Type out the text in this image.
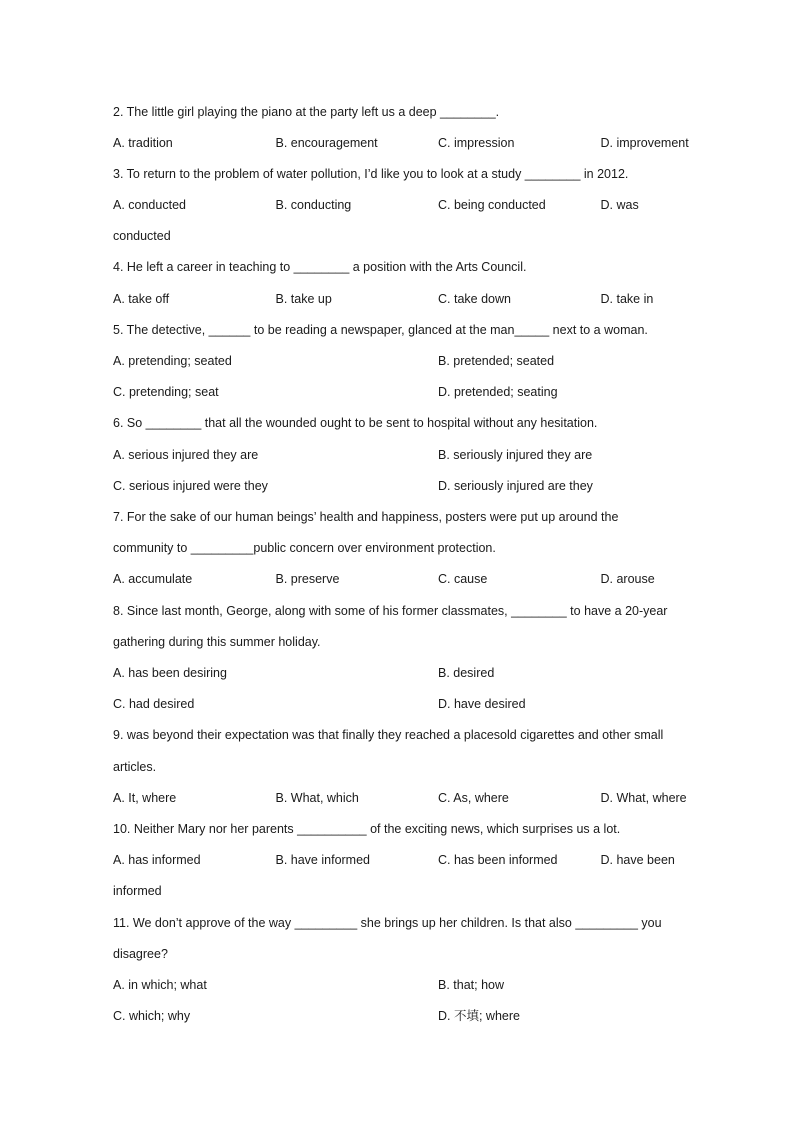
2. The little girl playing the piano at the party left us a deep ________.
A. tradition	B. encouragement	C. impression	D. improvement
3. To return to the problem of water pollution, I’d like you to look at a study ________ in 2012.
A. conducted	B. conducting	C. being conducted	D. was
conducted
4. He left a career in teaching to ________ a position with the Arts Council.
A. take off	B. take up	C. take down	D. take in
5. The detective, ______ to be reading a newspaper, glanced at the man_____ next to a woman.
A. pretending; seated	B. pretended; seated
C. pretending; seat	D. pretended; seating
6. So ________ that all the wounded ought to be sent to hospital without any hesitation.
A. serious injured they are	B. seriously injured they are
C. serious injured were they	D. seriously injured are they
7. For the sake of our human beings’ health and happiness, posters were put up around the
community to _________public concern over environment protection.
A. accumulate	B. preserve	C. cause	D. arouse
8. Since last month, George, along with some of his former classmates, ________ to have a 20-year
gathering during this summer holiday.
A. has been desiring	B. desired
C. had desired	D. have desired
9. was beyond their expectation was that finally they reached a placesold cigarettes and other small
articles.
A. It, where	B. What, which	C. As, where	D. What, where
10. Neither Mary nor her parents __________ of the exciting news, which surprises us a lot.
A. has informed	B. have informed	C. has been informed	D. have been
informed
11. We don’t approve of the way _________ she brings up her children. Is that also _________ you
disagree?
A. in which; what	B. that; how
C. which; why	D. 不填; where
